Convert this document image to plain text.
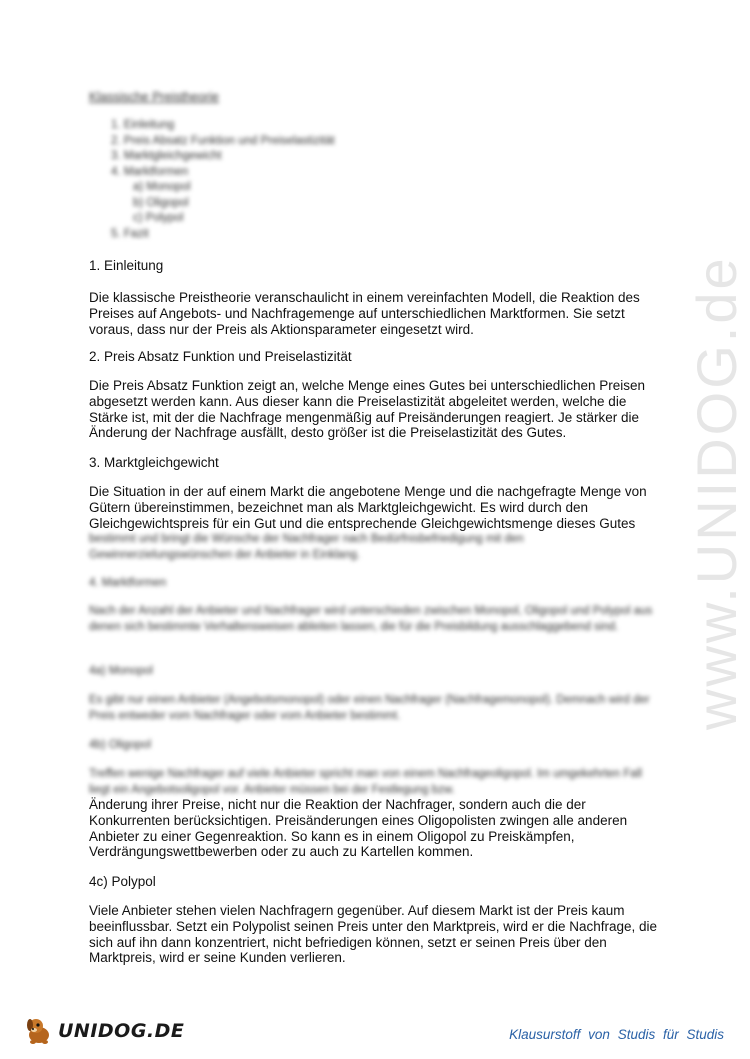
www.UNIDOG.de
Klassische Preistheorie
1. Einleitung
2. Preis Absatz Funktion und Preiselastizität
3. Marktgleichgewicht
4. Marktformen
a) Monopol
b) Oligopol
c) Polypol
5. Fazit
1. Einleitung
Die klassische Preistheorie veranschaulicht in einem vereinfachten Modell, die Reaktion des Preises auf Angebots- und Nachfragemenge auf unterschiedlichen Marktformen. Sie setzt voraus, dass nur der Preis als Aktionsparameter eingesetzt wird.
2. Preis Absatz Funktion und Preiselastizität
Die Preis Absatz Funktion zeigt an, welche Menge eines Gutes bei unterschiedlichen Preisen abgesetzt werden kann. Aus dieser kann die Preiselastizität abgeleitet werden, welche die Stärke ist, mit der die Nachfrage mengenmäßig auf Preisänderungen reagiert. Je stärker die Änderung der Nachfrage ausfällt, desto größer ist die Preiselastizität des Gutes.
3. Marktgleichgewicht
Die Situation in der auf einem Markt die angebotene Menge und die nachgefragte Menge von Gütern übereinstimmen, bezeichnet man als Marktgleichgewicht. Es wird durch den Gleichgewichtspreis für ein Gut und die entsprechende Gleichgewichtsmenge dieses Gutes
bestimmt und bringt die Wünsche der Nachfrager nach Bedürfnisbefriedigung mit den Gewinnerzielungswünschen der Anbieter in Einklang.
4. Marktformen
Nach der Anzahl der Anbieter und Nachfrager wird unterschieden zwischen Monopol, Oligopol und Polypol aus denen sich bestimmte Verhaltensweisen ableiten lassen, die für die Preisbildung ausschlaggebend sind.
4a) Monopol
Es gibt nur einen Anbieter (Angebotsmonopol) oder einen Nachfrager (Nachfragemonopol). Demnach wird der Preis entweder vom Nachfrager oder vom Anbieter bestimmt.
4b) Oligopol
Treffen wenige Nachfrager auf viele Anbieter spricht man von einem Nachfrageoligopol. Im umgekehrten Fall liegt ein Angebotsoligopol vor. Anbieter müssen bei der Festlegung bzw.
Änderung ihrer Preise, nicht nur die Reaktion der Nachfrager, sondern auch die der Konkurrenten berücksichtigen. Preisänderungen eines Oligopolisten zwingen alle anderen Anbieter zu einer Gegenreaktion. So kann es in einem Oligopol zu Preiskämpfen, Verdrängungswettbewerben oder zu auch zu Kartellen kommen.
4c) Polypol
Viele Anbieter stehen vielen Nachfragern gegenüber. Auf diesem Markt ist der Preis kaum beeinflussbar. Setzt ein Polypolist seinen Preis unter den Marktpreis, wird er die Nachfrage, die sich auf ihn dann konzentriert, nicht befriedigen können, setzt er seinen Preis über den Marktpreis, wird er seine Kunden verlieren.
UNIDOG.DE	Klausurstoff von Studis für Studis
